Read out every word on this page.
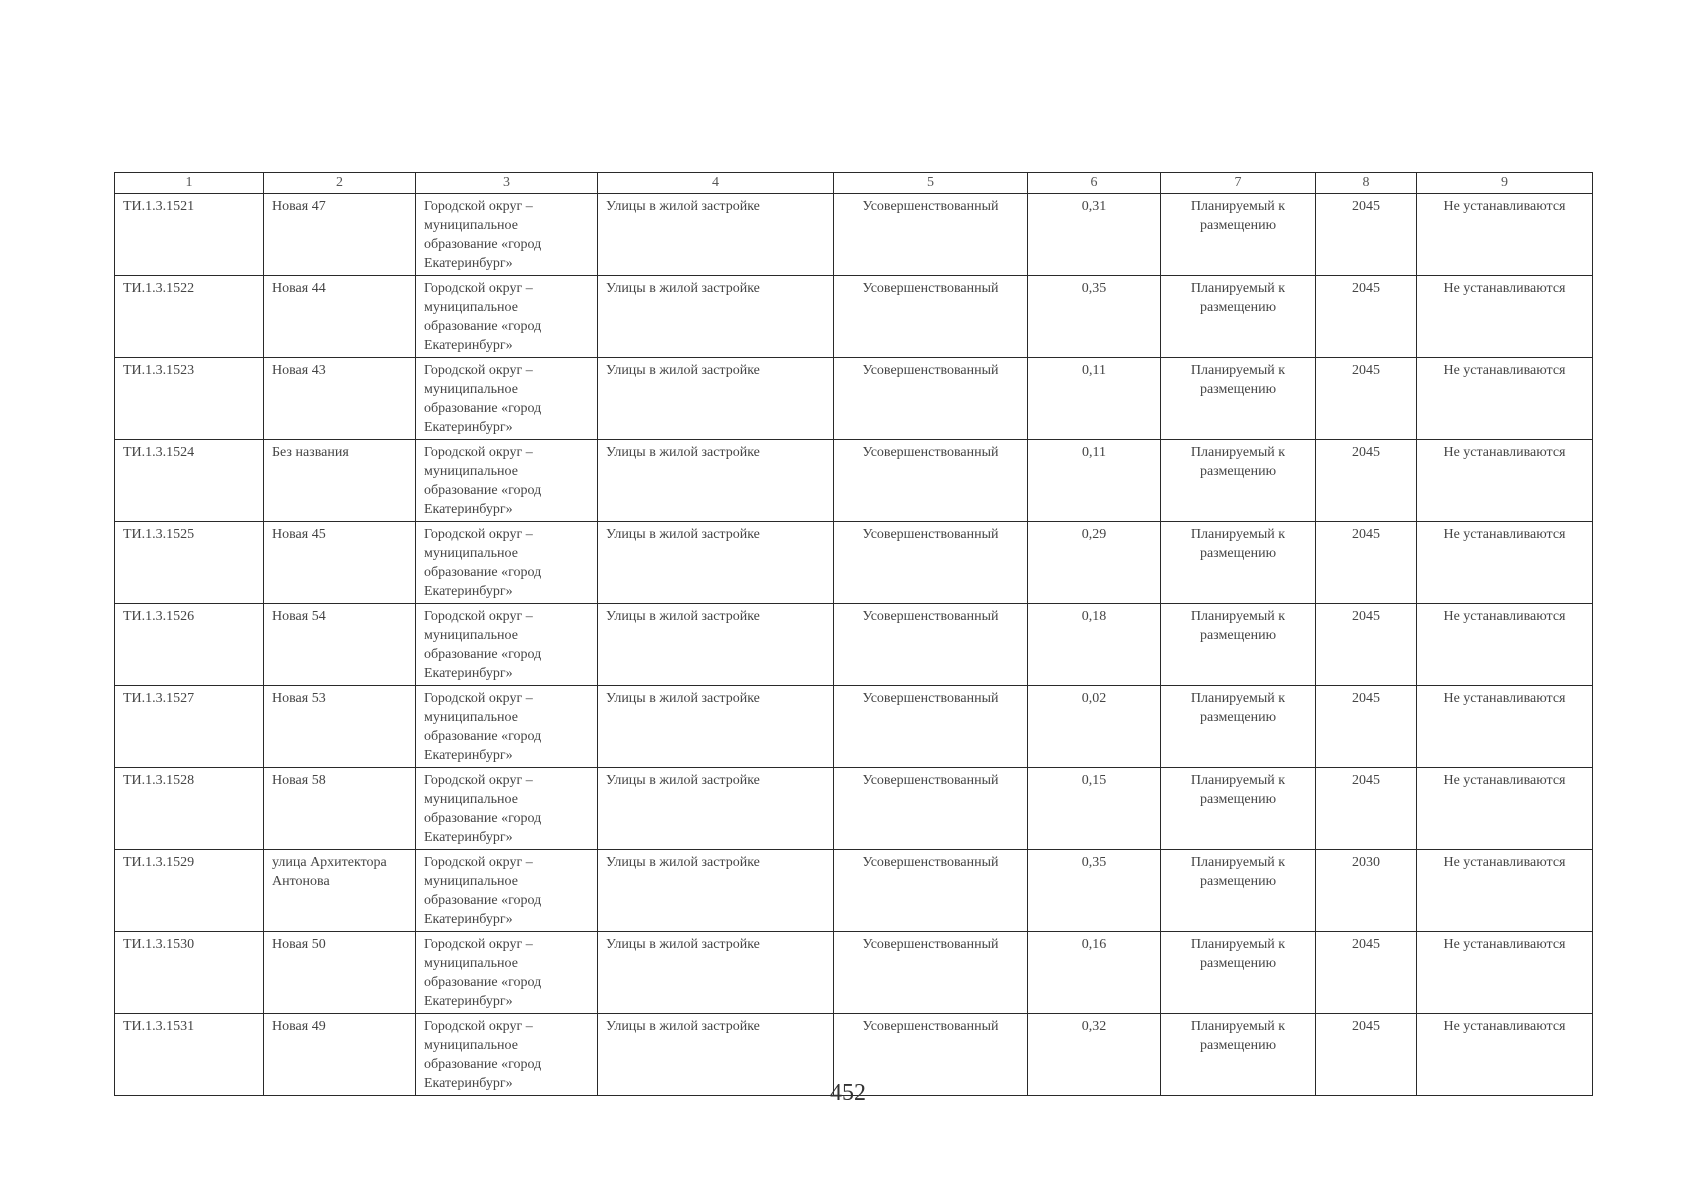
1	2	3	4	5	6	7	8	9
ТИ.1.3.1521	Новая 47	Городской округ – муниципальное образование «город Екатеринбург»	Улицы в жилой застройке	Усовершенствованный	0,31	Планируемый к размещению	2045	Не устанавливаются
ТИ.1.3.1522	Новая 44	Городской округ – муниципальное образование «город Екатеринбург»	Улицы в жилой застройке	Усовершенствованный	0,35	Планируемый к размещению	2045	Не устанавливаются
ТИ.1.3.1523	Новая 43	Городской округ – муниципальное образование «город Екатеринбург»	Улицы в жилой застройке	Усовершенствованный	0,11	Планируемый к размещению	2045	Не устанавливаются
ТИ.1.3.1524	Без названия	Городской округ – муниципальное образование «город Екатеринбург»	Улицы в жилой застройке	Усовершенствованный	0,11	Планируемый к размещению	2045	Не устанавливаются
ТИ.1.3.1525	Новая 45	Городской округ – муниципальное образование «город Екатеринбург»	Улицы в жилой застройке	Усовершенствованный	0,29	Планируемый к размещению	2045	Не устанавливаются
ТИ.1.3.1526	Новая 54	Городской округ – муниципальное образование «город Екатеринбург»	Улицы в жилой застройке	Усовершенствованный	0,18	Планируемый к размещению	2045	Не устанавливаются
ТИ.1.3.1527	Новая 53	Городской округ – муниципальное образование «город Екатеринбург»	Улицы в жилой застройке	Усовершенствованный	0,02	Планируемый к размещению	2045	Не устанавливаются
ТИ.1.3.1528	Новая 58	Городской округ – муниципальное образование «город Екатеринбург»	Улицы в жилой застройке	Усовершенствованный	0,15	Планируемый к размещению	2045	Не устанавливаются
ТИ.1.3.1529	улица Архитектора Антонова	Городской округ – муниципальное образование «город Екатеринбург»	Улицы в жилой застройке	Усовершенствованный	0,35	Планируемый к размещению	2030	Не устанавливаются
ТИ.1.3.1530	Новая 50	Городской округ – муниципальное образование «город Екатеринбург»	Улицы в жилой застройке	Усовершенствованный	0,16	Планируемый к размещению	2045	Не устанавливаются
ТИ.1.3.1531	Новая 49	Городской округ – муниципальное образование «город Екатеринбург»	Улицы в жилой застройке	Усовершенствованный	0,32	Планируемый к размещению	2045	Не устанавливаются
452
